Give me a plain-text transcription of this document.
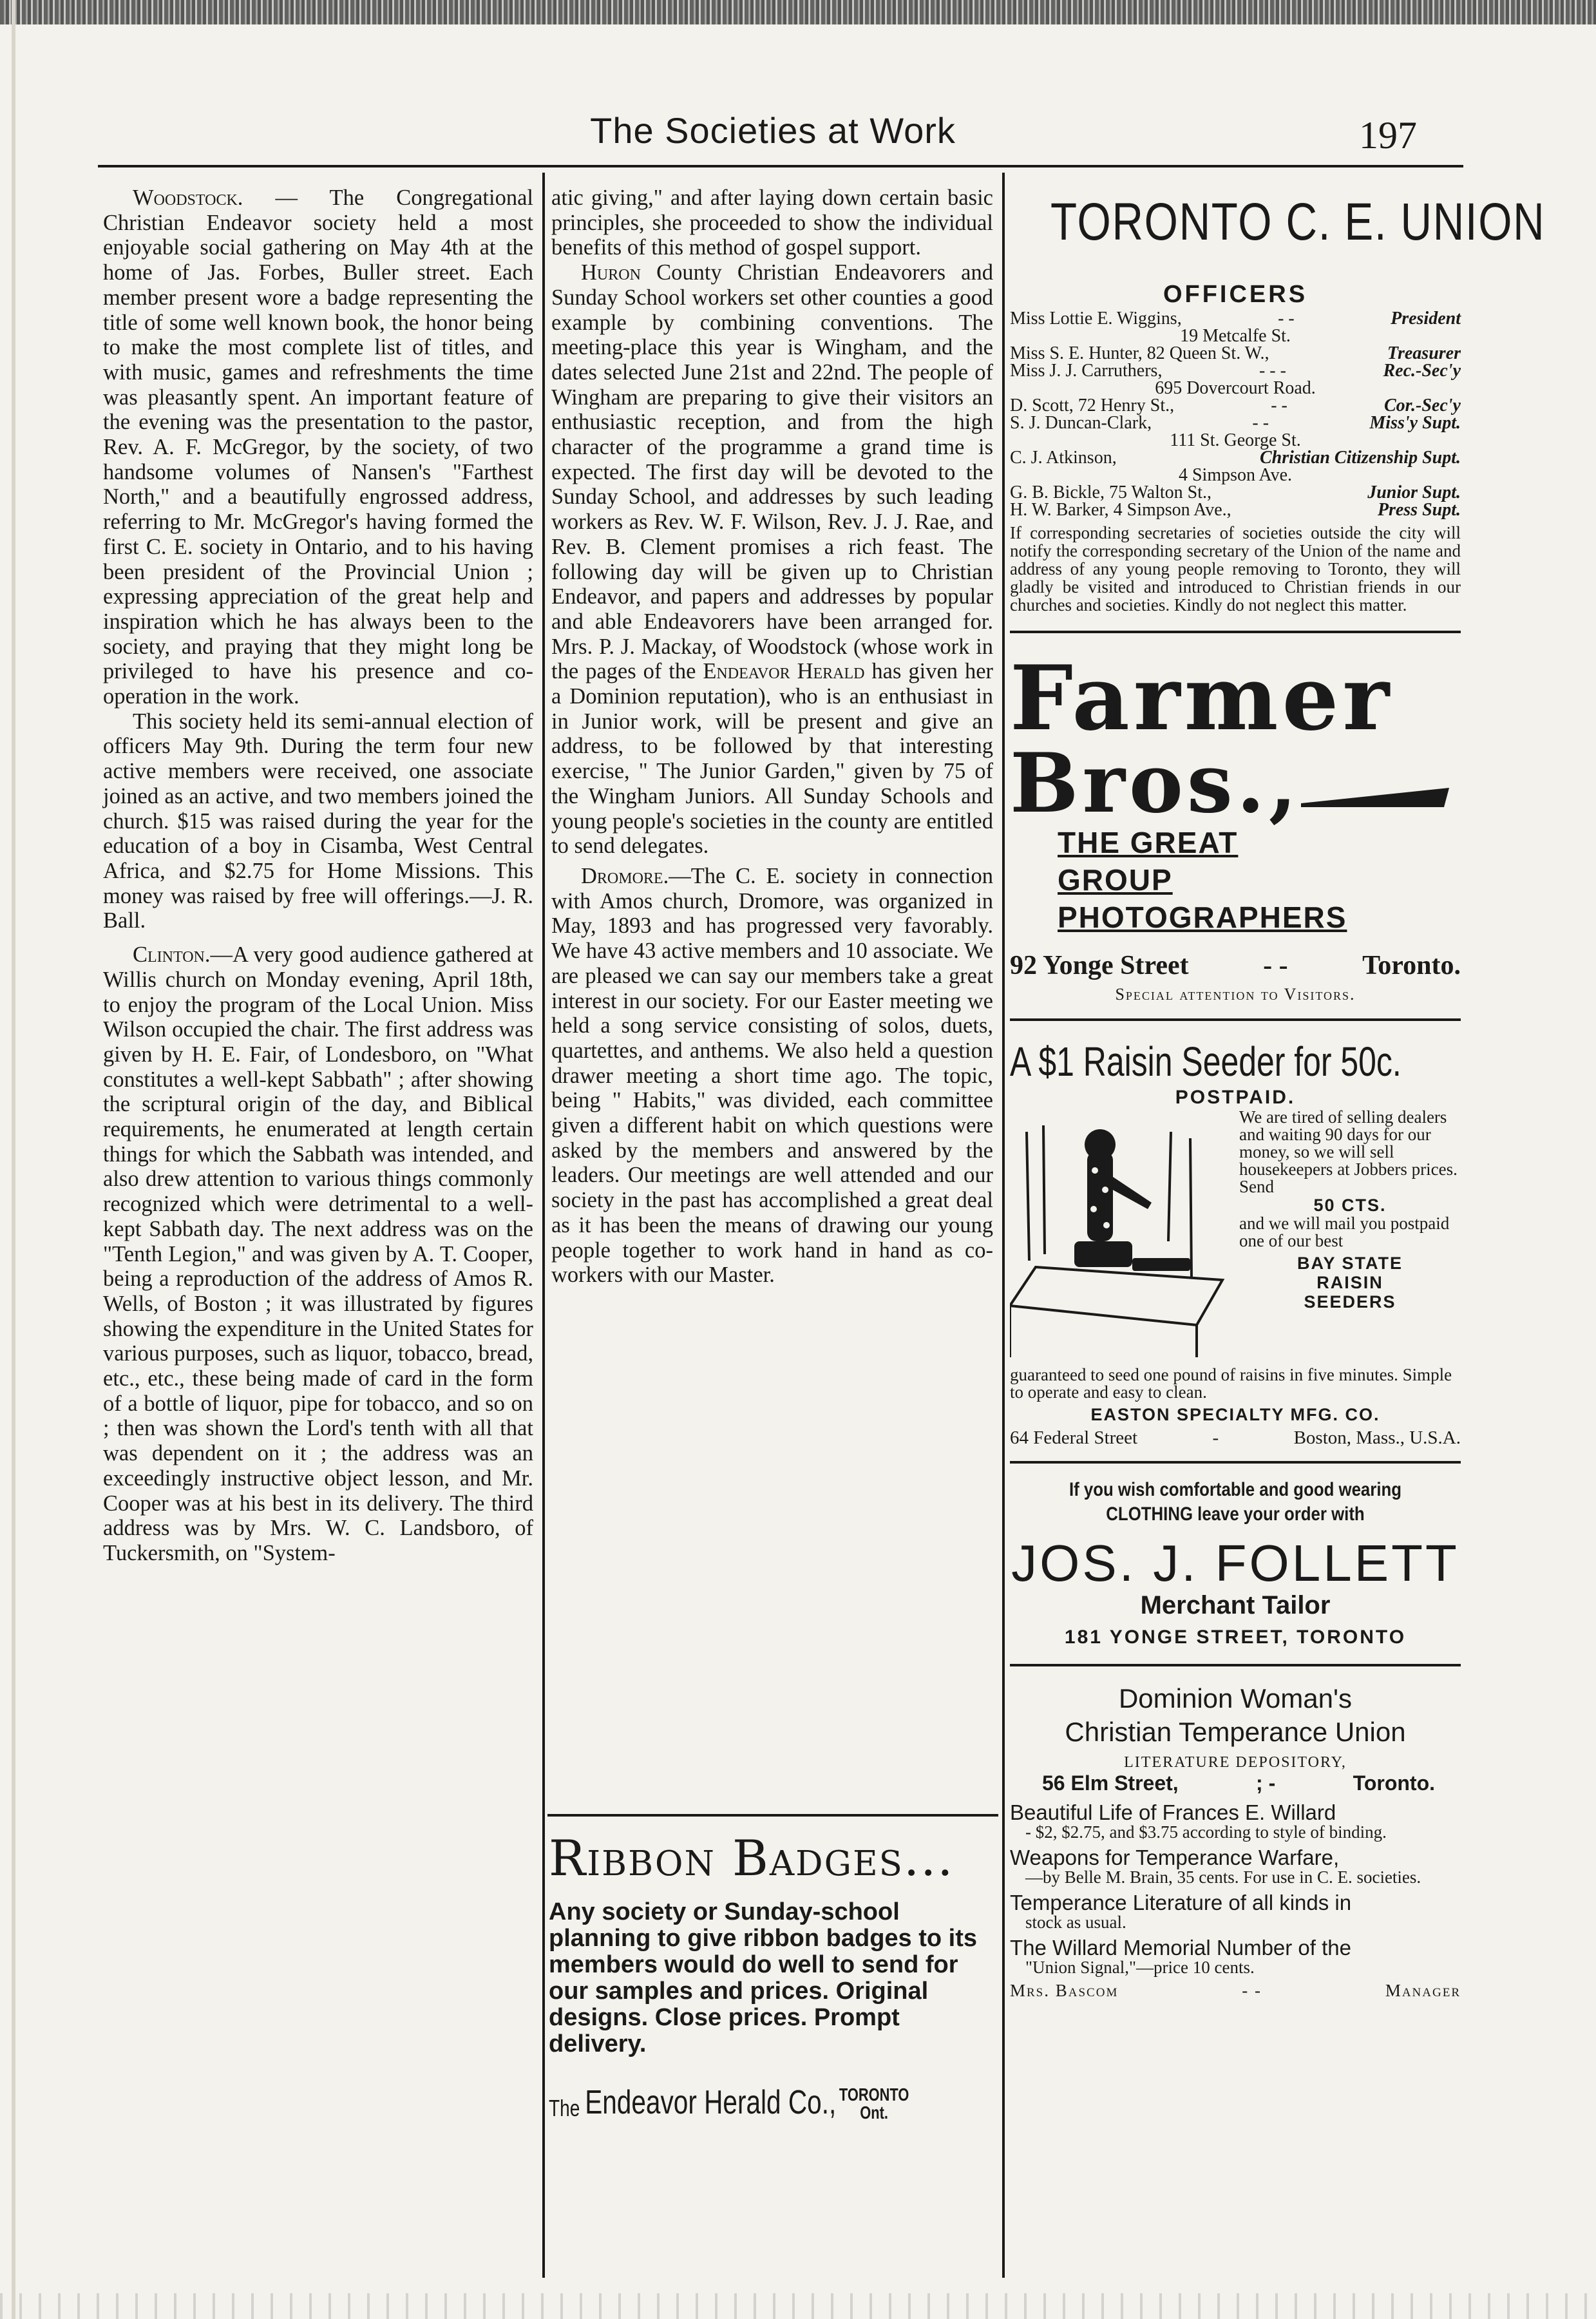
The Societies at Work	197

Woodstock. — The Congregational Christian Endeavor society held a most enjoyable social gathering on May 4th at the home of Jas. Forbes, Buller street. Each member present wore a badge representing the title of some well known book, the honor being to make the most complete list of titles, and with music, games and refreshments the time was pleasantly spent. An important feature of the evening was the presentation to the pastor, Rev. A. F. McGregor, by the society, of two handsome volumes of Nansen's "Farthest North," and a beautifully engrossed address, referring to Mr. McGregor's having formed the first C. E. society in Ontario, and to his having been president of the Provincial Union ; expressing appreciation of the great help and inspiration which he has always been to the society, and praying that they might long be privileged to have his presence and co-operation in the work.

This society held its semi-annual election of officers May 9th. During the term four new active members were received, one associate joined as an active, and two members joined the church. $15 was raised during the year for the education of a boy in Cisamba, West Central Africa, and $2.75 for Home Missions. This money was raised by free will offerings.—J. R. Ball.

Clinton.—A very good audience gathered at Willis church on Monday evening, April 18th, to enjoy the program of the Local Union. Miss Wilson occupied the chair. The first address was given by H. E. Fair, of Londesboro, on "What constitutes a well-kept Sabbath" ; after showing the scriptural origin of the day, and Biblical requirements, he enumerated at length certain things for which the Sabbath was intended, and also drew attention to various things commonly recognized which were detrimental to a well-kept Sabbath day. The next address was on the "Tenth Legion," and was given by A. T. Cooper, being a reproduction of the address of Amos R. Wells, of Boston ; it was illustrated by figures showing the expenditure in the United States for various purposes, such as liquor, tobacco, bread, etc., etc., these being made of card in the form of a bottle of liquor, pipe for tobacco, and so on ; then was shown the Lord's tenth with all that was dependent on it ; the address was an exceedingly instructive object lesson, and Mr. Cooper was at his best in its delivery. The third address was by Mrs. W. C. Landsboro, of Tuckersmith, on "System-

atic giving," and after laying down certain basic principles, she proceeded to show the individual benefits of this method of gospel support.

Huron County Christian Endeavorers and Sunday School workers set other counties a good example by combining conventions. The meeting-place this year is Wingham, and the dates selected June 21st and 22nd. The people of Wingham are preparing to give their visitors an enthusiastic reception, and from the high character of the programme a grand time is expected. The first day will be devoted to the Sunday School, and addresses by such leading workers as Rev. W. F. Wilson, Rev. J. J. Rae, and Rev. B. Clement promises a rich feast. The following day will be given up to Christian Endeavor, and papers and addresses by popular and able Endeavorers have been arranged for. Mrs. P. J. Mackay, of Woodstock (whose work in the pages of the Endeavor Herald has given her a Dominion reputation), who is an enthusiast in in Junior work, will be present and give an address, to be followed by that interesting exercise, " The Junior Garden," given by 75 of the Wingham Juniors. All Sunday Schools and young people's societies in the county are entitled to send delegates.

Dromore.—The C. E. society in connection with Amos church, Dromore, was organized in May, 1893 and has progressed very favorably. We have 43 active members and 10 associate. We are pleased we can say our members take a great interest in our society. For our Easter meeting we held a song service consisting of solos, duets, quartettes, and anthems. We also held a question drawer meeting a short time ago. The topic, being " Habits," was divided, each committee given a different habit on which questions were asked by the members and answered by the leaders. Our meetings are well attended and our society in the past has accomplished a great deal as it has been the means of drawing our young people together to work hand in hand as co-workers with our Master.

Ribbon Badges...
Any society or Sunday-school planning to give ribbon badges to its members would do well to send for our samples and prices. Original designs. Close prices. Prompt delivery.
The Endeavor Herald Co., TORONTO
Ont.
TORONTO C. E. UNION
OFFICERS
Miss Lottie E. Wiggins,	- -	President
19 Metcalfe St.
Miss S. E. Hunter, 82 Queen St. W.,	Treasurer
Miss J. J. Carruthers,	- - -	Rec.-Sec'y
695 Dovercourt Road.
D. Scott, 72 Henry St.,	- -	Cor.-Sec'y
S. J. Duncan-Clark,	- -	Miss'y Supt.
111 St. George St.
C. J. Atkinson,	Christian Citizenship Supt.
4 Simpson Ave.
G. B. Bickle, 75 Walton St.,	Junior Supt.
H. W. Barker, 4 Simpson Ave.,	Press Supt.
If corresponding secretaries of societies outside the city will notify the corresponding secretary of the Union of the name and address of any young people removing to Toronto, they will gladly be visited and introduced to Christian friends in our churches and societies. Kindly do not neglect this matter.
Farmer
Bros.,
THE GREAT
GROUP
PHOTOGRAPHERS
92 Yonge Street	- -	Toronto.
Special attention to Visitors.
A $1 Raisin Seeder for 50c.
POSTPAID.
We are tired of selling dealers and waiting 90 days for our money, so we will sell housekeepers at Jobbers prices. Send
50 CTS.
and we will mail you postpaid one of our best
BAY STATE
RAISIN
SEEDERS
guaranteed to seed one pound of raisins in five minutes. Simple to operate and easy to clean.
EASTON SPECIALTY MFG. CO.
64 Federal Street	-	Boston, Mass., U.S.A.
If you wish comfortable and good wearing
CLOTHING leave your order with
JOS. J. FOLLETT
Merchant Tailor
181 YONGE STREET, TORONTO
Dominion Woman's
Christian Temperance Union
LITERATURE DEPOSITORY,
56 Elm Street,	; -	Toronto.
Beautiful Life of Frances E. Willard
- $2, $2.75, and $3.75 according to style of binding.
Weapons for Temperance Warfare,
—by Belle M. Brain, 35 cents. For use in C. E. societies.
Temperance Literature of all kinds in
stock as usual.
The Willard Memorial Number of the
"Union Signal,"—price 10 cents.
Mrs. Bascom	- -	Manager
